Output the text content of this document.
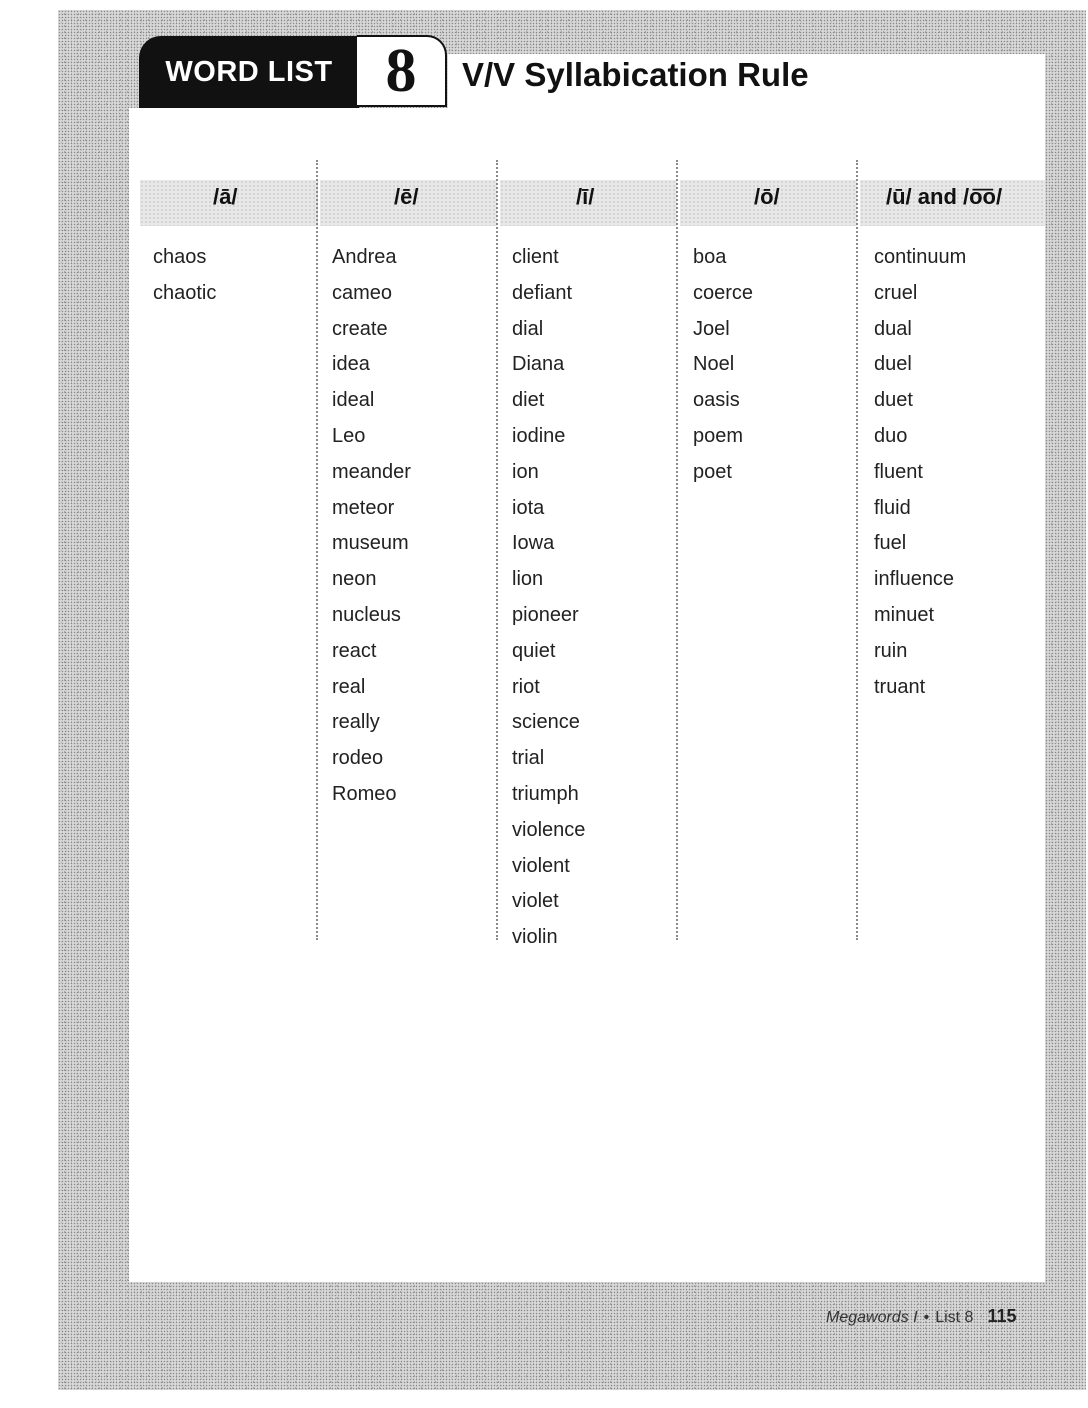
WORD LIST 8	V/V Syllabication Rule
/ā/
chaos
chaotic
/ē/
Andrea
cameo
create
idea
ideal
Leo
meander
meteor
museum
neon
nucleus
react
real
really
rodeo
Romeo
/ī/
client
defiant
dial
Diana
diet
iodine
ion
iota
Iowa
lion
pioneer
quiet
riot
science
trial
triumph
violence
violent
violet
violin
/ō/
boa
coerce
Joel
Noel
oasis
poem
poet
/ū/ and /o͞o/
continuum
cruel
dual
duel
duet
duo
fluent
fluid
fuel
influence
minuet
ruin
truant
Megawords I • List 8 115
